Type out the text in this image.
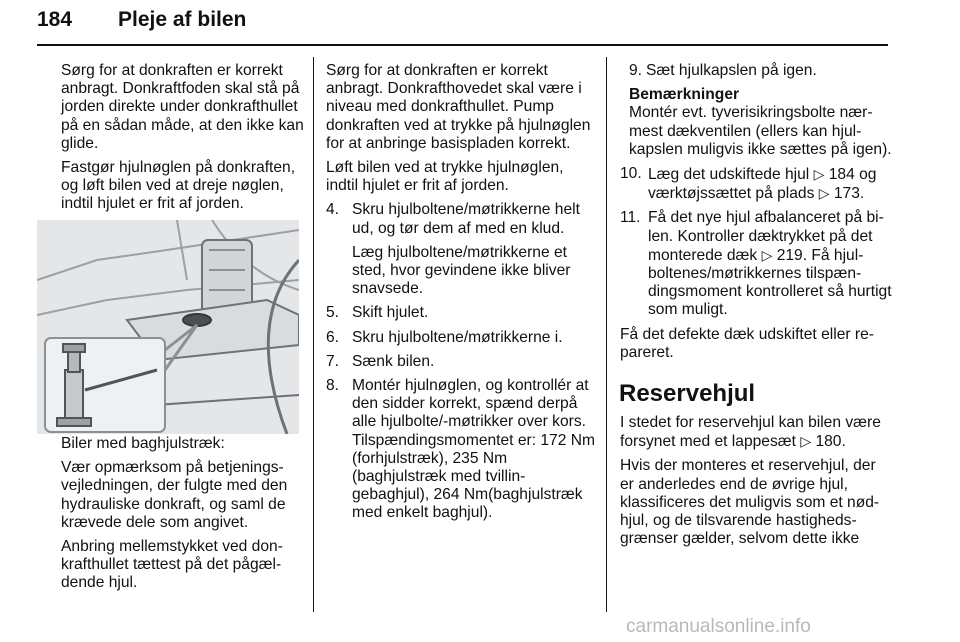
184 Pleje af bilen

Sørg for at donkraften er korrekt anbragt. Donkraftfoden skal stå på jorden direkte under donkrafthullet på en sådan måde, at den ikke kan glide.

Fastgør hjulnøglen på donkraften, og løft bilen ved at dreje nøglen, indtil hjulet er frit af jorden.

Biler med baghjulstræk:

Vær opmærksom på betjeningsvejledningen, der fulgte med den hydrauliske donkraft, og saml de krævede dele som angivet.

Anbring mellemstykket ved donkrafthullet tættest på det pågældende hjul.

Sørg for at donkraften er korrekt anbragt. Donkrafthovedet skal være i niveau med donkrafthullet. Pump donkraften ved at trykke på hjulnøglen for at anbringe basispladen korrekt.

Løft bilen ved at trykke hjulnøglen, indtil hjulet er frit af jorden.

4. Skru hjulboltene/møtrikkerne helt ud, og tør dem af med en klud.

Læg hjulboltene/møtrikkerne et sted, hvor gevindene ikke bliver snavsede.

5. Skift hjulet.
6. Skru hjulboltene/møtrikkerne i.
7. Sænk bilen.
8. Montér hjulnøglen, og kontrollér at den sidder korrekt, spænd derpå alle hjulbolte/-møtrikker over kors. Tilspændingsmomentet er: 172 Nm (forhjulstræk), 235 Nm (baghjulstræk med tvillingebaghjul), 264 Nm(baghjulstræk med enkelt baghjul).
9. Sæt hjulkapslen på igen.
Bemærkninger
Montér evt. tyverisikringsbolte nærmest dækventilen (ellers kan hjulkapslen muligvis ikke sættes på igen).
10. Læg det udskiftede hjul ▷ 184 og værktøjssættet på plads ▷ 173.
11. Få det nye hjul afbalanceret på bilen. Kontroller dæktrykket på det monterede dæk ▷ 219. Få hjulboltenes/møtrikkernes tilspændingsmoment kontrolleret så hurtigt som muligt.

Få det defekte dæk udskiftet eller repareret.

Reservehjul

I stedet for reservehjul kan bilen være forsynet med et lappesæt ▷ 180.

Hvis der monteres et reservehjul, der er anderledes end de øvrige hjul, klassificeres det muligvis som et nødhjul, og de tilsvarende hastighedsgrænser gælder, selvom dette ikke

carmanualsonline.info
